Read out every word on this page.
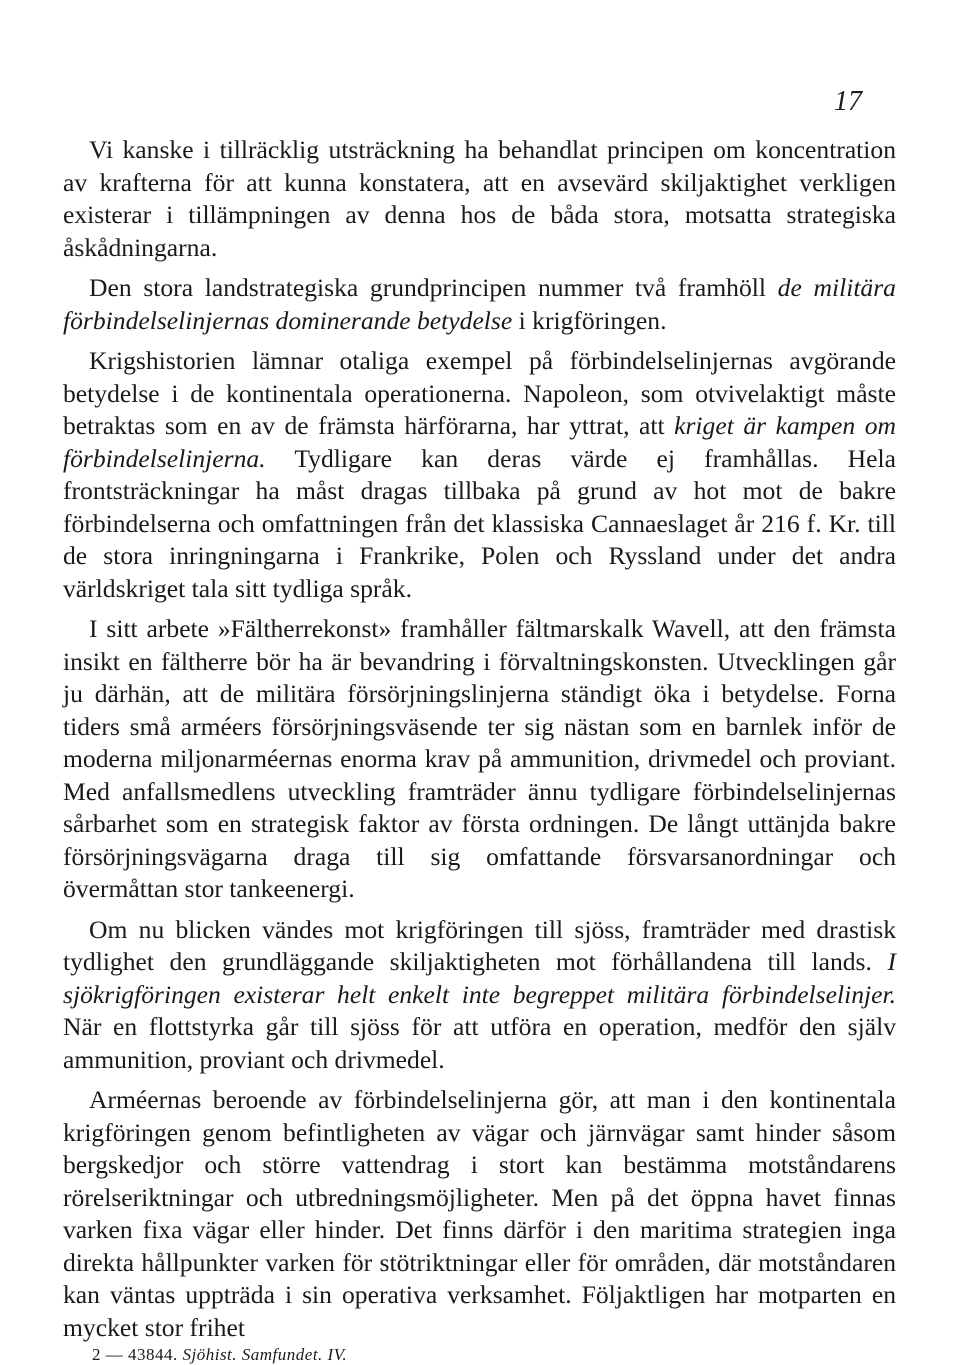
17

Vi kanske i tillräcklig utsträckning ha behandlat principen om koncentration av krafterna för att kunna konstatera, att en avsevärd skiljaktighet verkligen existerar i tillämpningen av denna hos de båda stora, motsatta strategiska åskådningarna.

Den stora landstrategiska grundprincipen nummer två framhöll de militära förbindelselinjernas dominerande betydelse i krigföringen.

Krigshistorien lämnar otaliga exempel på förbindelselinjernas avgörande betydelse i de kontinentala operationerna. Napoleon, som otvivelaktigt måste betraktas som en av de främsta härförarna, har yttrat, att kriget är kampen om förbindelselinjerna. Tydligare kan deras värde ej framhållas. Hela frontsträckningar ha måst dragas tillbaka på grund av hot mot de bakre förbindelserna och omfattningen från det klassiska Cannaeslaget år 216 f. Kr. till de stora inringningarna i Frankrike, Polen och Ryssland under det andra världskriget tala sitt tydliga språk.

I sitt arbete »Fältherrekonst» framhåller fältmarskalk Wavell, att den främsta insikt en fältherre bör ha är bevandring i förvaltningskonsten. Utvecklingen går ju därhän, att de militära försörjningslinjerna ständigt öka i betydelse. Forna tiders små arméers försörjningsväsende ter sig nästan som en barnlek inför de moderna miljonarméernas enorma krav på ammunition, drivmedel och proviant. Med anfallsmedlens utveckling framträder ännu tydligare förbindelselinjernas sårbarhet som en strategisk faktor av första ordningen. De långt uttänjda bakre försörjningsvägarna draga till sig omfattande försvarsanordningar och övermåttan stor tankeenergi.

Om nu blicken vändes mot krigföringen till sjöss, framträder med drastisk tydlighet den grundläggande skiljaktigheten mot förhållandena till lands. I sjökrigföringen existerar helt enkelt inte begreppet militära förbindelselinjer. När en flottstyrka går till sjöss för att utföra en operation, medför den själv ammunition, proviant och drivmedel.

Arméernas beroende av förbindelselinjerna gör, att man i den kontinentala krigföringen genom befintligheten av vägar och järnvägar samt hinder såsom bergskedjor och större vattendrag i stort kan bestämma motståndarens rörelseriktningar och utbredningsmöjligheter. Men på det öppna havet finnas varken fixa vägar eller hinder. Det finns därför i den maritima strategien inga direkta hållpunkter varken för stötriktningar eller för områden, där motståndaren kan väntas uppträda i sin operativa verksamhet. Följaktligen har motparten en mycket stor frihet

2 — 43844. Sjöhist. Samfundet. IV.
